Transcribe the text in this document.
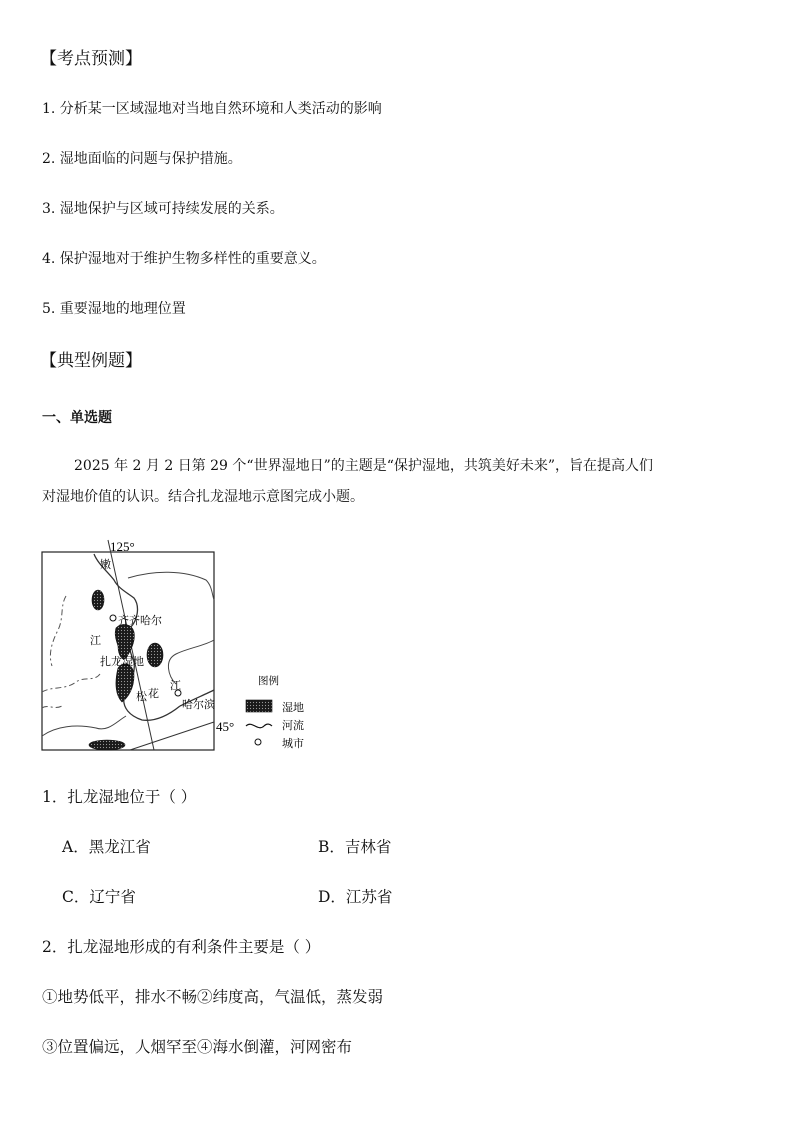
【考点预测】
1. 分析某一区域湿地对当地自然环境和人类活动的影响
2. 湿地面临的问题与保护措施。
3. 湿地保护与区域可持续发展的关系。
4. 保护湿地对于维护生物多样性的重要意义。
5. 重要湿地的地理位置
【典型例题】
一、单选题
2025 年 2 月 2 日第 29 个“世界湿地日”的主题是“保护湿地，共筑美好未来”，旨在提高人们
对湿地价值的认识。结合扎龙湿地示意图完成小题。
125°
45°
嫩
江
齐齐哈尔
扎龙湿地
松 花
江
哈尔滨
图例
湿地
河流
城市
1．扎龙湿地位于（ ）
A．黑龙江省	B．吉林省
C．辽宁省	D．江苏省
2．扎龙湿地形成的有利条件主要是（ ）
①地势低平，排水不畅②纬度高，气温低，蒸发弱
③位置偏远，人烟罕至④海水倒灌，河网密布
